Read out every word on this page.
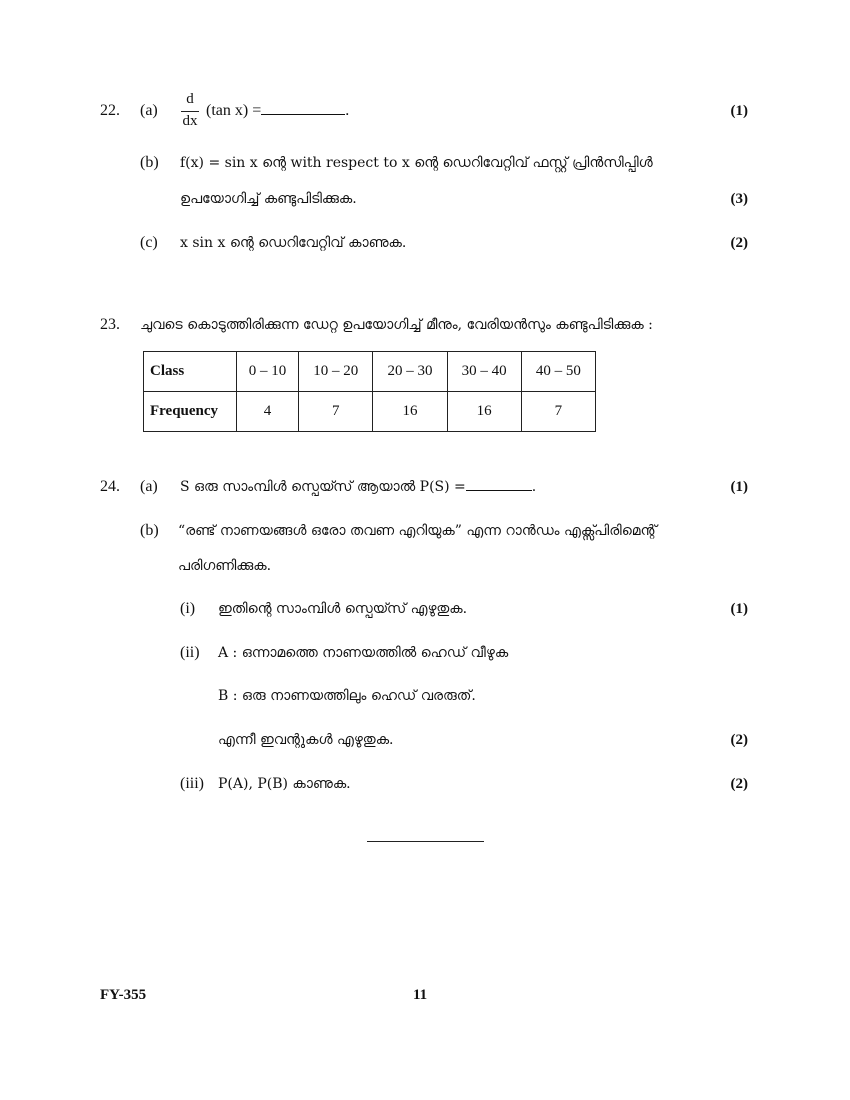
22. (a)
d
dx
(tan x) =	.	(1)
(b) f(x) = sin x ന്റെ with respect to x ന്റെ ഡെറിവേറ്റിവ് ഫസ്റ്റ് പ്രിൻസിപ്പിൾ
ഉപയോഗിച്ച് കണ്ടുപിടിക്കുക.	(3)
(c) x sin x ന്റെ ഡെറിവേറ്റിവ് കാണുക.	(2)
23. ചുവടെ കൊടുത്തിരിക്കുന്ന ഡേറ്റ ഉപയോഗിച്ച് മീനും, വേരിയൻസും കണ്ടുപിടിക്കുക :
Class	0 – 10	10 – 20	20 – 30	30 – 40	40 – 50
Frequency	4	7	16	16	7
24. (a) S ഒരു സാംമ്പിൾ സ്പെയ്സ് ആയാൽ P(S) =	.	(1)
(b) “രണ്ട് നാണയങ്ങൾ ഒരോ തവണ എറിയുക” എന്ന റാൻഡം എക്സ്പിരിമെന്റ്
പരിഗണിക്കുക.
(i) ഇതിന്റെ സാംമ്പിൾ സ്പെയ്സ് എഴുതുക.	(1)
(ii) A : ഒന്നാമത്തെ നാണയത്തിൽ ഹെഡ് വീഴുക
B : ഒരു നാണയത്തിലും ഹെഡ് വരരുത്.
എന്നീ ഇവന്റുകൾ എഴുതുക.	(2)
(iii) P(A), P(B) കാണുക.	(2)
FY-355	11
